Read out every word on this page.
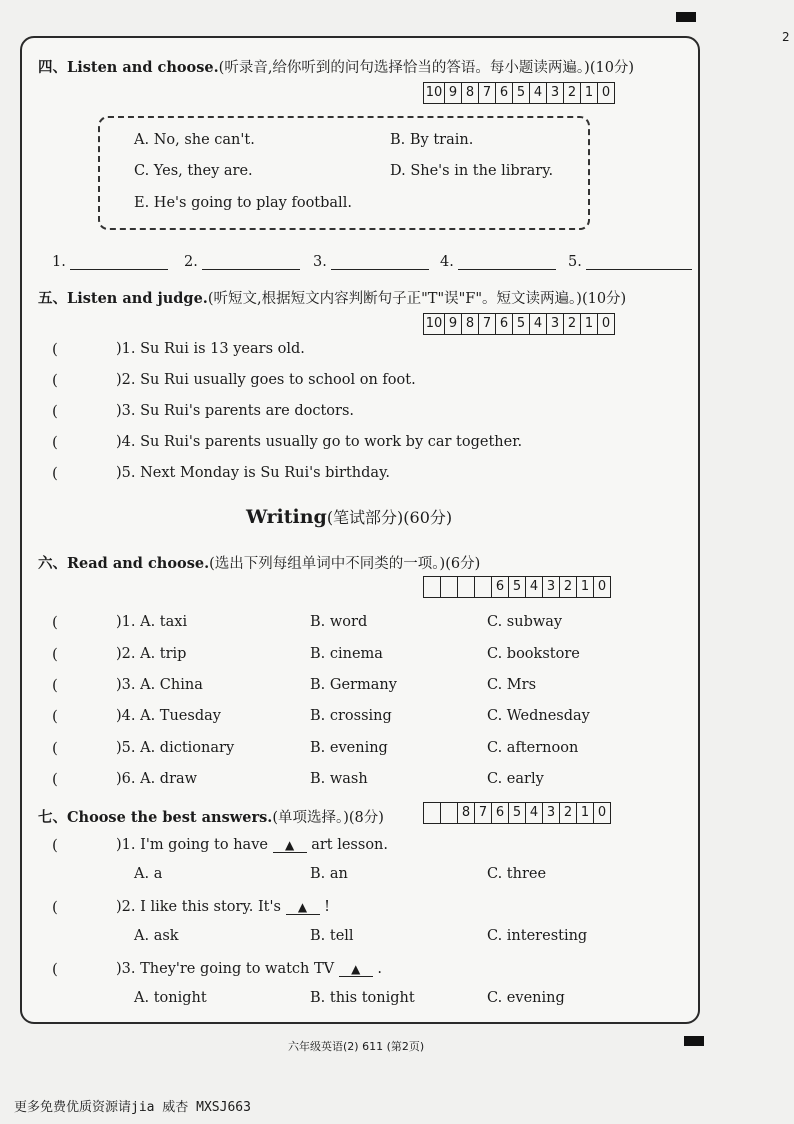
2
四、Listen and choose.(听录音,给你听到的问句选择恰当的答语。每小题读两遍。)(10分)
10 9 8 7 6 5 4 3 2 1 0
A. No, she can't.	B. By train.
C. Yes, they are.	D. She's in the library.
E. He's going to play football.
1.	2.	3.	4.	5.
五、Listen and judge.(听短文,根据短文内容判断句子正"T"误"F"。短文读两遍。)(10分)
10 9 8 7 6 5 4 3 2 1 0
(	)1. Su Rui is 13 years old.
(	)2. Su Rui usually goes to school on foot.
(	)3. Su Rui's parents are doctors.
(	)4. Su Rui's parents usually go to work by car together.
(	)5. Next Monday is Su Rui's birthday.
Writing(笔试部分)(60分)
六、Read and choose.(选出下列每组单词中不同类的一项。)(6分)
6 5 4 3 2 1 0
(	)1. A. taxi	B. word	C. subway
(	)2. A. trip	B. cinema	C. bookstore
(	)3. A. China	B. Germany	C. Mrs
(	)4. A. Tuesday	B. crossing	C. Wednesday
(	)5. A. dictionary	B. evening	C. afternoon
(	)6. A. draw	B. wash	C. early
七、Choose the best answers.(单项选择。)(8分)	8 7 6 5 4 3 2 1 0
(	)1. I'm going to have ▲ art lesson.
A. a	B. an	C. three
(	)2. I like this story. It's ▲ !
A. ask	B. tell	C. interesting
(	)3. They're going to watch TV ▲ .
A. tonight	B. this tonight	C. evening
六年级英语(2) 611 (第2页)
更多免费优质资源请jia 威杏 MXSJ663
